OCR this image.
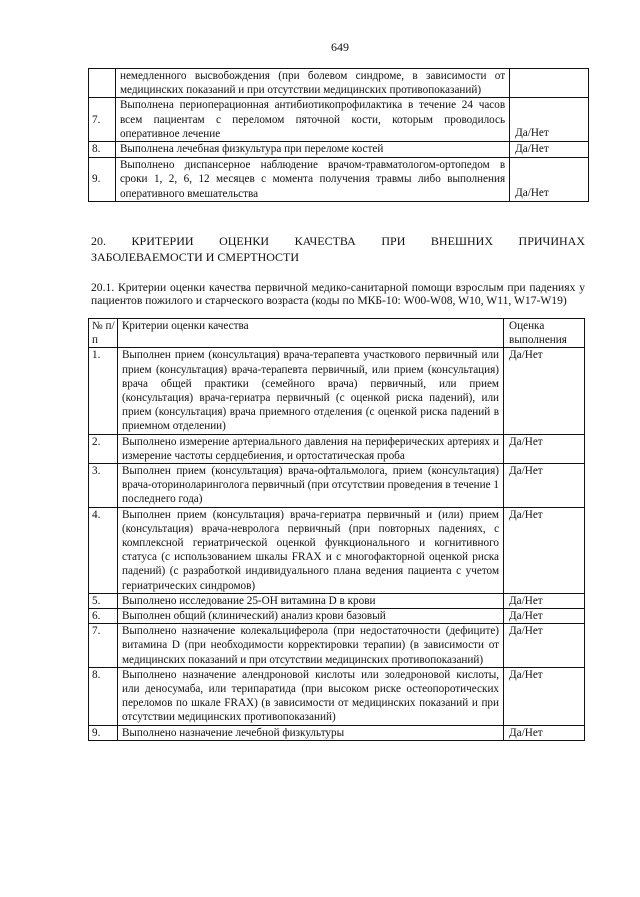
649
	немедленного высвобождения (при болевом синдроме, в зависимости от медицинских показаний и при отсутствии медицинских противопоказаний)	
7.	Выполнена периоперационная антибиотикопрофилактика в течение 24 часов всем пациентам с переломом пяточной кости, которым проводилось оперативное лечение	Да/Нет
8.	Выполнена лечебная физкультура при переломе костей	Да/Нет
9.	Выполнено диспансерное наблюдение врачом-травматологом-ортопедом в сроки 1, 2, 6, 12 месяцев с момента получения травмы либо выполнения оперативного вмешательства	Да/Нет
20. КРИТЕРИИ ОЦЕНКИ КАЧЕСТВА ПРИ ВНЕШНИХ ПРИЧИНАХ
ЗАБОЛЕВАЕМОСТИ И СМЕРТНОСТИ
20.1. Критерии оценки качества первичной медико-санитарной помощи взрослым при падениях у пациентов пожилого и старческого возраста (коды по МКБ-10: W00-W08, W10, W11, W17-W19)
№ п/п	Критерии оценки качества	Оценка выполнения
1.	Выполнен прием (консультация) врача-терапевта участкового первичный или прием (консультация) врача-терапевта первичный, или прием (консультация) врача общей практики (семейного врача) первичный, или прием (консультация) врача-гериатра первичный (с оценкой риска падений), или прием (консультация) врача приемного отделения (с оценкой риска падений в приемном отделении)	Да/Нет
2.	Выполнено измерение артериального давления на периферических артериях и измерение частоты сердцебиения, и ортостатическая проба	Да/Нет
3.	Выполнен прием (консультация) врача-офтальмолога, прием (консультация) врача-оториноларинголога первичный (при отсутствии проведения в течение 1 последнего года)	Да/Нет
4.	Выполнен прием (консультация) врача-гериатра первичный и (или) прием (консультация) врача-невролога первичный (при повторных падениях, с комплексной гериатрической оценкой функционального и когнитивного статуса (с использованием шкалы FRAX и с многофакторной оценкой риска падений) (с разработкой индивидуального плана ведения пациента с учетом гериатрических синдромов)	Да/Нет
5.	Выполнено исследование 25-ОН витамина D в крови	Да/Нет
6.	Выполнен общий (клинический) анализ крови базовый	Да/Нет
7.	Выполнено назначение колекальциферола (при недостаточности (дефиците) витамина D (при необходимости корректировки терапии) (в зависимости от медицинских показаний и при отсутствии медицинских противопоказаний)	Да/Нет
8.	Выполнено назначение алендроновой кислоты или золедроновой кислоты, или деносумаба, или терипаратида (при высоком риске остеопоротических переломов по шкале FRAX) (в зависимости от медицинских показаний и при отсутствии медицинских противопоказаний)	Да/Нет
9.	Выполнено назначение лечебной физкультуры	Да/Нет
